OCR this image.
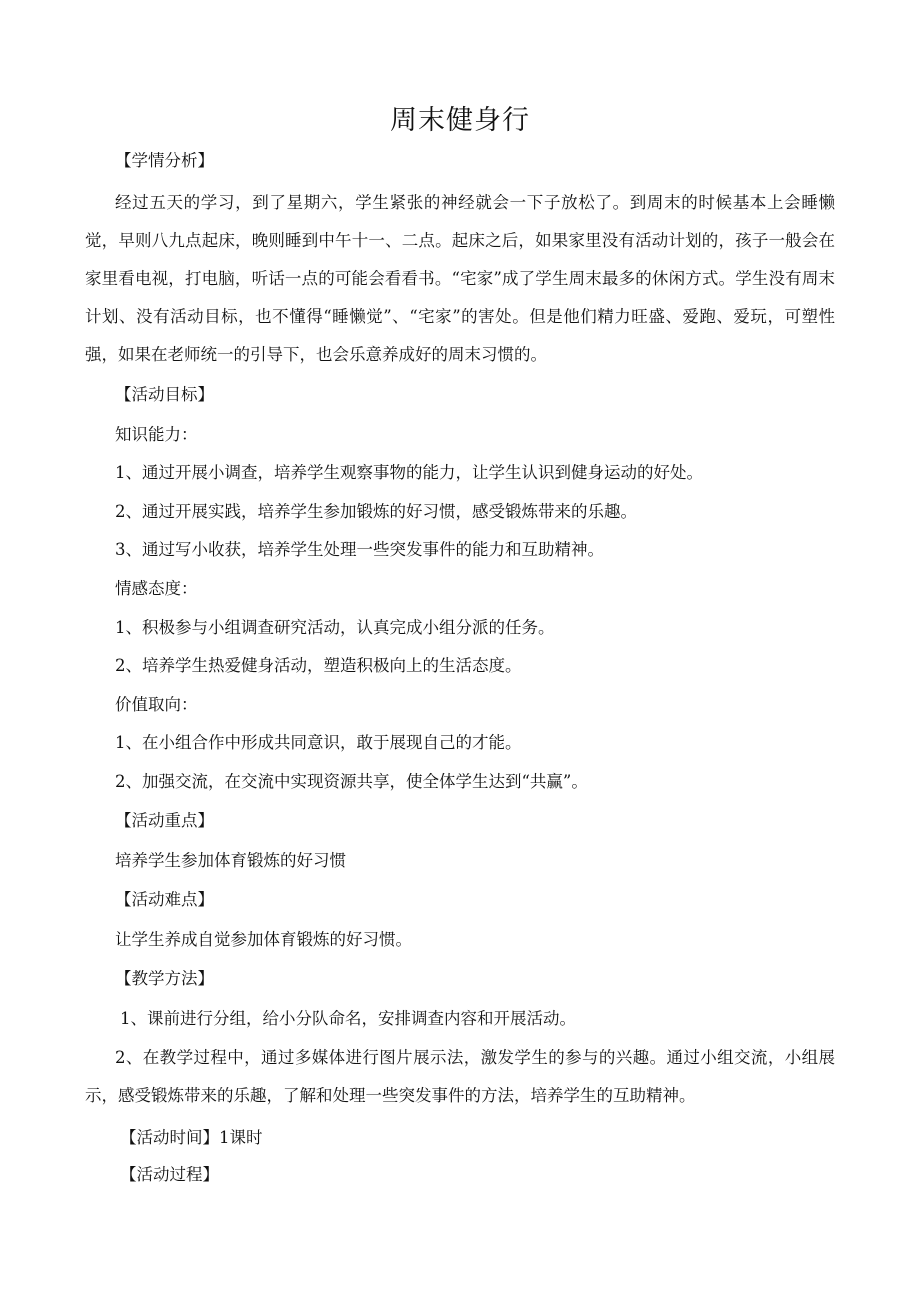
周末健身行
【学情分析】
经过五天的学习，到了星期六，学生紧张的神经就会一下子放松了。到周末的时候基本上会睡懒觉，早则八九点起床，晚则睡到中午十一、二点。起床之后，如果家里没有活动计划的，孩子一般会在家里看电视，打电脑，听话一点的可能会看看书。“宅家”成了学生周末最多的休闲方式。学生没有周末计划、没有活动目标，也不懂得“睡懒觉”、“宅家”的害处。但是他们精力旺盛、爱跑、爱玩，可塑性强，如果在老师统一的引导下，也会乐意养成好的周末习惯的。
【活动目标】
知识能力：
1、通过开展小调查，培养学生观察事物的能力，让学生认识到健身运动的好处。
2、通过开展实践，培养学生参加锻炼的好习惯，感受锻炼带来的乐趣。
3、通过写小收获，培养学生处理一些突发事件的能力和互助精神。
情感态度：
1、积极参与小组调查研究活动，认真完成小组分派的任务。
2、培养学生热爱健身活动，塑造积极向上的生活态度。
价值取向：
1、在小组合作中形成共同意识，敢于展现自己的才能。
2、加强交流，在交流中实现资源共享，使全体学生达到“共赢”。
【活动重点】
培养学生参加体育锻炼的好习惯
【活动难点】
让学生养成自觉参加体育锻炼的好习惯。
【教学方法】
1、课前进行分组，给小分队命名，安排调查内容和开展活动。
2、在教学过程中，通过多媒体进行图片展示法，激发学生的参与的兴趣。通过小组交流，小组展示，感受锻炼带来的乐趣，了解和处理一些突发事件的方法，培养学生的互助精神。
【活动时间】1课时
【活动过程】
